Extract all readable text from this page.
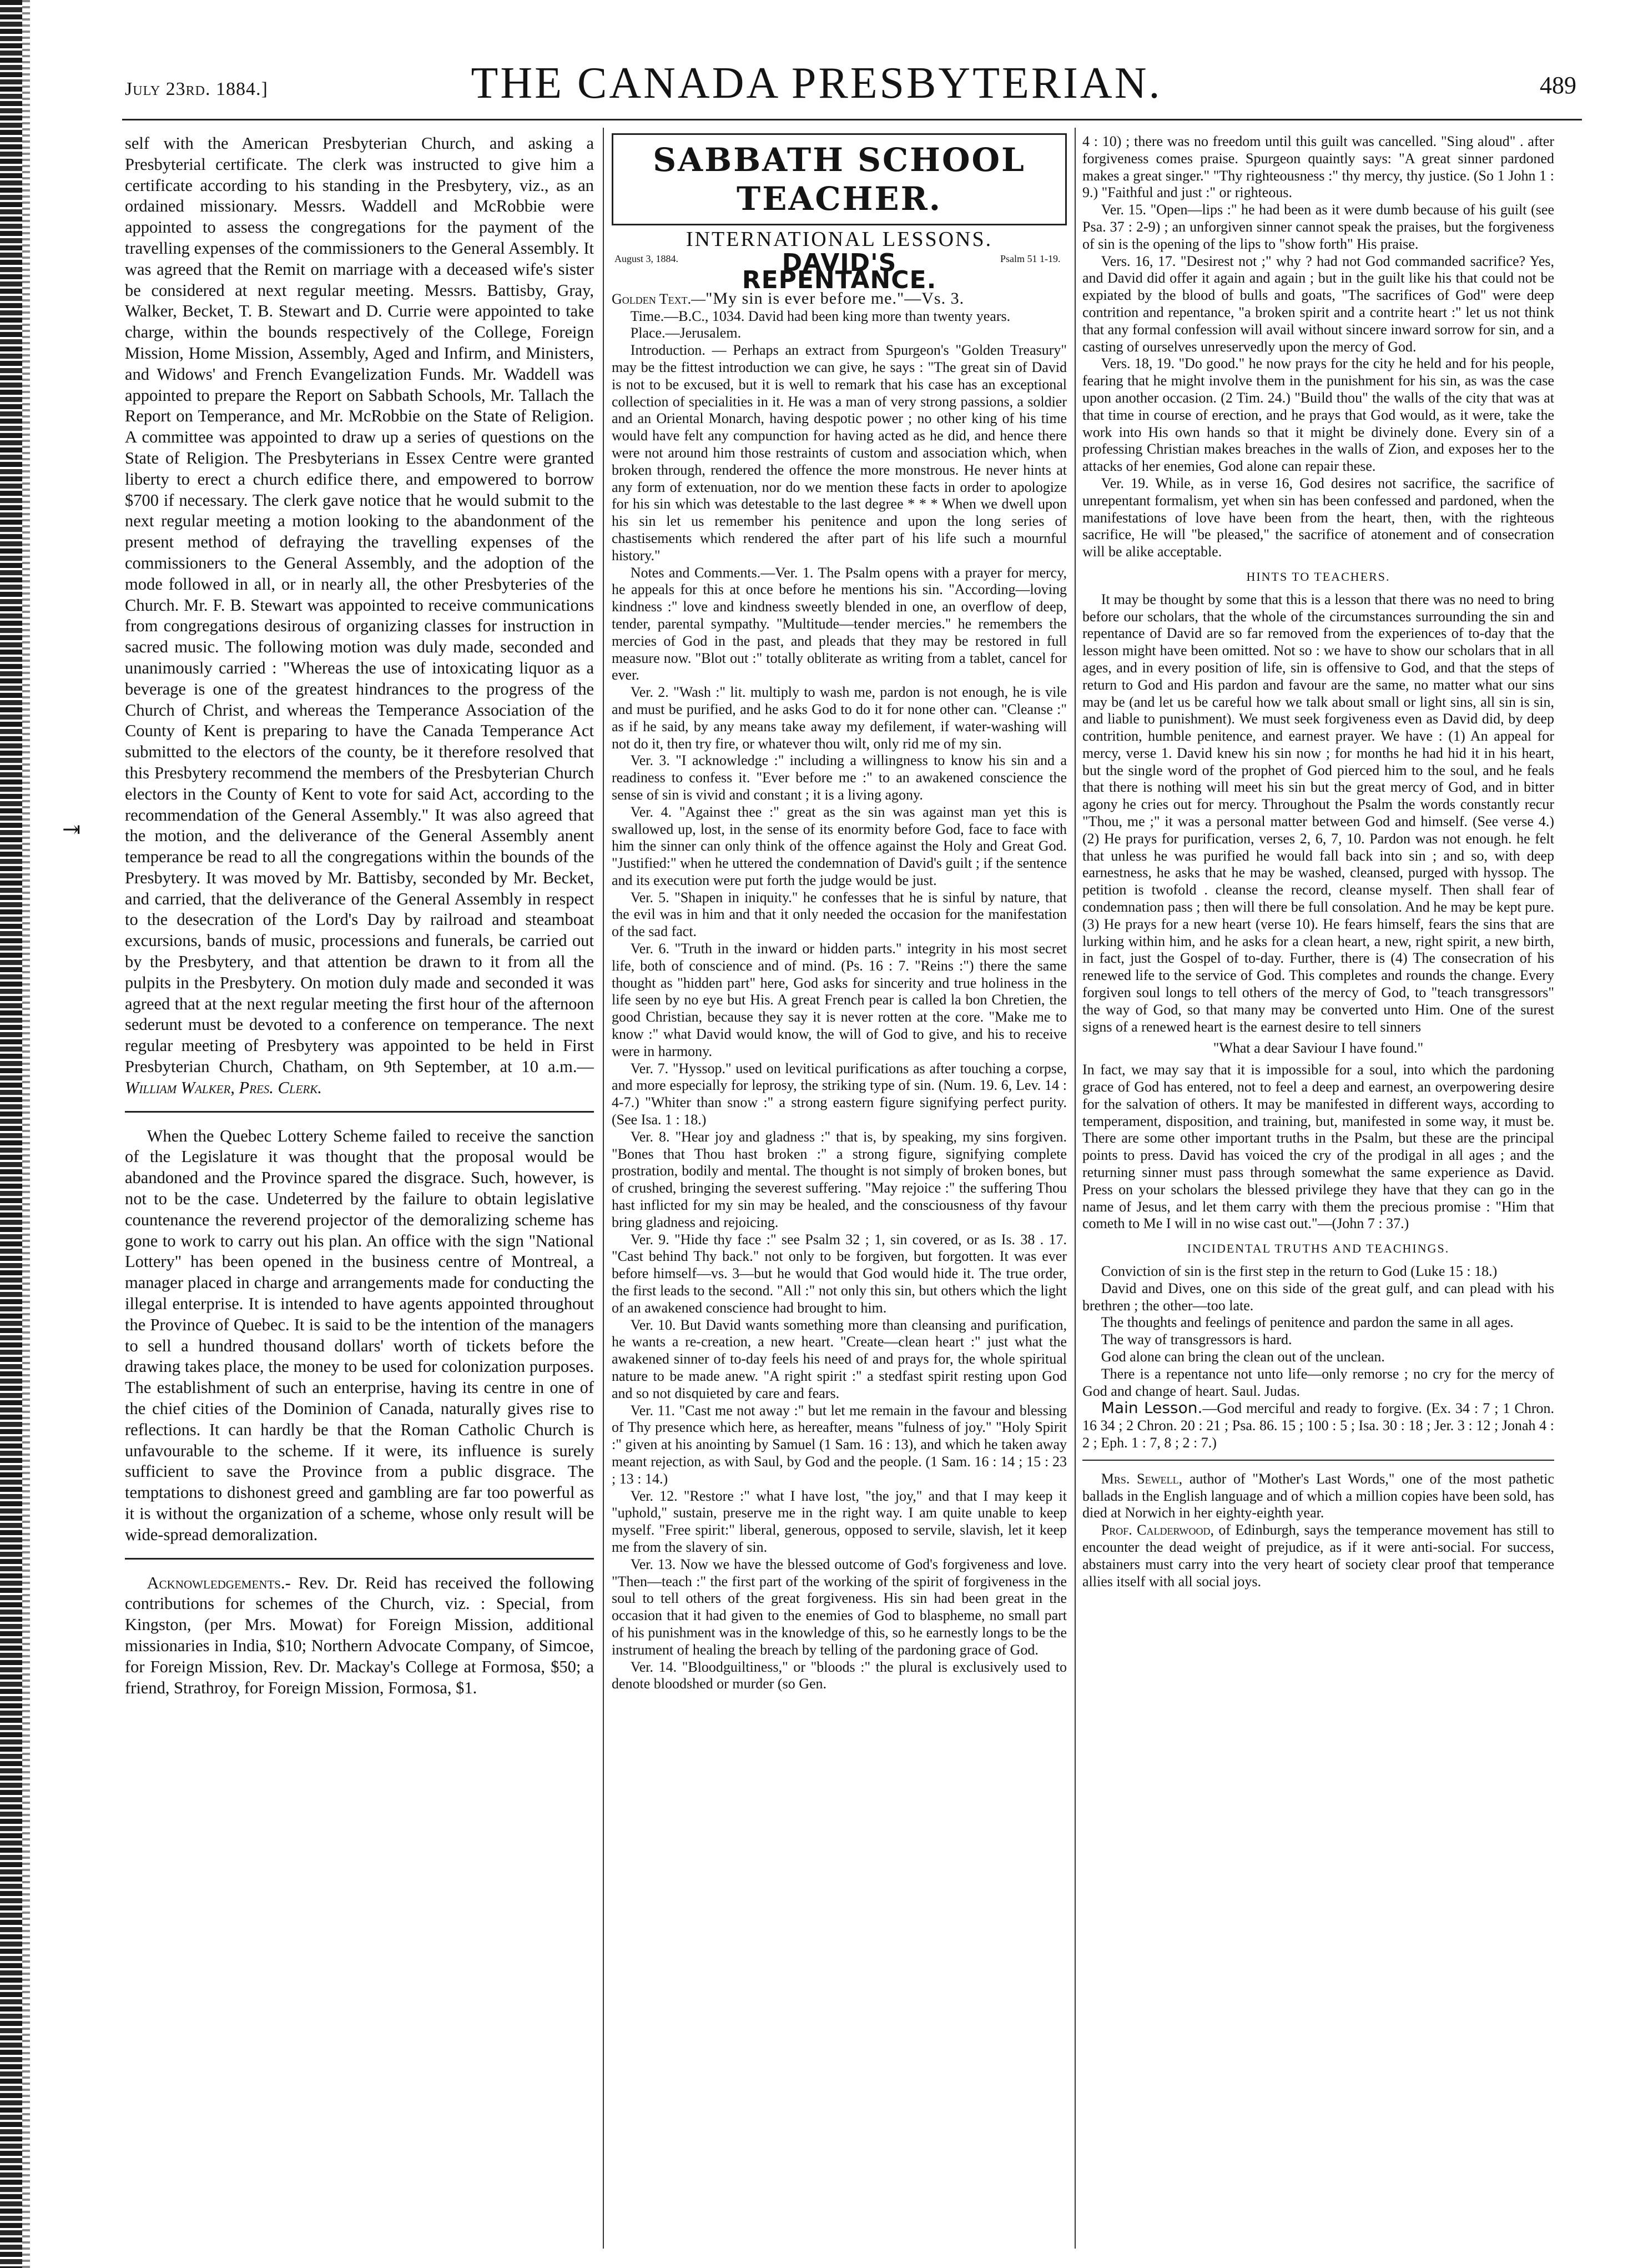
⇥
July 23rd. 1884.]	THE CANADA PRESBYTERIAN.	489

self with the American Presbyterian Church, and asking a Presbyterial certificate. The clerk was instructed to give him a certificate according to his standing in the Presbytery, viz., as an ordained missionary. Messrs. Waddell and McRobbie were appointed to assess the congregations for the payment of the travelling expenses of the commissioners to the General Assembly. It was agreed that the Remit on marriage with a deceased wife's sister be considered at next regular meeting. Messrs. Battisby, Gray, Walker, Becket, T. B. Stewart and D. Currie were appointed to take charge, within the bounds respectively of the College, Foreign Mission, Home Mission, Assembly, Aged and Infirm, and Ministers, and Widows' and French Evangelization Funds. Mr. Waddell was appointed to prepare the Report on Sabbath Schools, Mr. Tallach the Report on Temperance, and Mr. McRobbie on the State of Religion. A committee was appointed to draw up a series of questions on the State of Religion. The Presbyterians in Essex Centre were granted liberty to erect a church edifice there, and empowered to borrow $700 if necessary. The clerk gave notice that he would submit to the next regular meeting a motion looking to the abandonment of the present method of defraying the travelling expenses of the commissioners to the General Assembly, and the adoption of the mode followed in all, or in nearly all, the other Presbyteries of the Church. Mr. F. B. Stewart was appointed to receive communications from congregations desirous of organizing classes for instruction in sacred music. The following motion was duly made, seconded and unanimously carried : "Whereas the use of intoxicating liquor as a beverage is one of the greatest hindrances to the progress of the Church of Christ, and whereas the Temperance Association of the County of Kent is preparing to have the Canada Temperance Act submitted to the electors of the county, be it therefore resolved that this Presbytery recommend the members of the Presbyterian Church electors in the County of Kent to vote for said Act, according to the recommendation of the General Assembly." It was also agreed that the motion, and the deliverance of the General Assembly anent temperance be read to all the congregations within the bounds of the Presbytery. It was moved by Mr. Battisby, seconded by Mr. Becket, and carried, that the deliverance of the General Assembly in respect to the desecration of the Lord's Day by railroad and steamboat excursions, bands of music, processions and funerals, be carried out by the Presbytery, and that attention be drawn to it from all the pulpits in the Presbytery. On motion duly made and seconded it was agreed that at the next regular meeting the first hour of the afternoon sederunt must be devoted to a conference on temperance. The next regular meeting of Presbytery was appointed to be held in First Presbyterian Church, Chatham, on 9th September, at 10 a.m.—William Walker, Pres. Clerk.

When the Quebec Lottery Scheme failed to receive the sanction of the Legislature it was thought that the proposal would be abandoned and the Province spared the disgrace. Such, however, is not to be the case. Undeterred by the failure to obtain legislative countenance the reverend projector of the demoralizing scheme has gone to work to carry out his plan. An office with the sign "National Lottery" has been opened in the business centre of Montreal, a manager placed in charge and arrangements made for conducting the illegal enterprise. It is intended to have agents appointed throughout the Province of Quebec. It is said to be the intention of the managers to sell a hundred thousand dollars' worth of tickets before the drawing takes place, the money to be used for colonization purposes. The establishment of such an enterprise, having its centre in one of the chief cities of the Dominion of Canada, naturally gives rise to reflections. It can hardly be that the Roman Catholic Church is unfavourable to the scheme. If it were, its influence is surely sufficient to save the Province from a public disgrace. The temptations to dishonest greed and gambling are far too powerful as it is without the organization of a scheme, whose only result will be wide-spread demoralization.

Acknowledgements.- Rev. Dr. Reid has received the following contributions for schemes of the Church, viz. : Special, from Kingston, (per Mrs. Mowat) for Foreign Mission, additional missionaries in India, $10; Northern Advocate Company, of Simcoe, for Foreign Mission, Rev. Dr. Mackay's College at Formosa, $50; a friend, Strathroy, for Foreign Mission, Formosa, $1.

SABBATH SCHOOL TEACHER.
INTERNATIONAL LESSONS.
August 3, 1884.	DAVID'S REPENTANCE.
Psalm 51 1-19.

Golden Text.—"My sin is ever before me."—Vs. 3.

Time.—B.C., 1034. David had been king more than twenty years.

Place.—Jerusalem.

Introduction. — Perhaps an extract from Spurgeon's "Golden Treasury" may be the fittest introduction we can give, he says : "The great sin of David is not to be excused, but it is well to remark that his case has an exceptional collection of specialities in it. He was a man of very strong passions, a soldier and an Oriental Monarch, having despotic power ; no other king of his time would have felt any compunction for having acted as he did, and hence there were not around him those restraints of custom and association which, when broken through, rendered the offence the more monstrous. He never hints at any form of extenuation, nor do we mention these facts in order to apologize for his sin which was detestable to the last degree * * * When we dwell upon his sin let us remember his penitence and upon the long series of chastisements which rendered the after part of his life such a mournful history."

Notes and Comments.—Ver. 1. The Psalm opens with a prayer for mercy, he appeals for this at once before he mentions his sin. "According—loving kindness :" love and kindness sweetly blended in one, an overflow of deep, tender, parental sympathy. "Multitude—tender mercies." he remembers the mercies of God in the past, and pleads that they may be restored in full measure now. "Blot out :" totally obliterate as writing from a tablet, cancel for ever.

Ver. 2. "Wash :" lit. multiply to wash me, pardon is not enough, he is vile and must be purified, and he asks God to do it for none other can. "Cleanse :" as if he said, by any means take away my defilement, if water-washing will not do it, then try fire, or whatever thou wilt, only rid me of my sin.

Ver. 3. "I acknowledge :" including a willingness to know his sin and a readiness to confess it. "Ever before me :" to an awakened conscience the sense of sin is vivid and constant ; it is a living agony.

Ver. 4. "Against thee :" great as the sin was against man yet this is swallowed up, lost, in the sense of its enormity before God, face to face with him the sinner can only think of the offence against the Holy and Great God. "Justified:" when he uttered the condemnation of David's guilt ; if the sentence and its execution were put forth the judge would be just.

Ver. 5. "Shapen in iniquity." he confesses that he is sinful by nature, that the evil was in him and that it only needed the occasion for the manifestation of the sad fact.

Ver. 6. "Truth in the inward or hidden parts." integrity in his most secret life, both of conscience and of mind. (Ps. 16 : 7. "Reins :") there the same thought as "hidden part" here, God asks for sincerity and true holiness in the life seen by no eye but His. A great French pear is called la bon Chretien, the good Christian, because they say it is never rotten at the core. "Make me to know :" what David would know, the will of God to give, and his to receive were in harmony.

Ver. 7. "Hyssop." used on levitical purifications as after touching a corpse, and more especially for leprosy, the striking type of sin. (Num. 19. 6, Lev. 14 : 4-7.) "Whiter than snow :" a strong eastern figure signifying perfect purity. (See Isa. 1 : 18.)

Ver. 8. "Hear joy and gladness :" that is, by speaking, my sins forgiven. "Bones that Thou hast broken :" a strong figure, signifying complete prostration, bodily and mental. The thought is not simply of broken bones, but of crushed, bringing the severest suffering. "May rejoice :" the suffering Thou hast inflicted for my sin may be healed, and the consciousness of thy favour bring gladness and rejoicing.

Ver. 9. "Hide thy face :" see Psalm 32 ; 1, sin covered, or as Is. 38 . 17. "Cast behind Thy back." not only to be forgiven, but forgotten. It was ever before himself—vs. 3—but he would that God would hide it. The true order, the first leads to the second. "All :" not only this sin, but others which the light of an awakened conscience had brought to him.

Ver. 10. But David wants something more than cleansing and purification, he wants a re-creation, a new heart. "Create—clean heart :" just what the awakened sinner of to-day feels his need of and prays for, the whole spiritual nature to be made anew. "A right spirit :" a stedfast spirit resting upon God and so not disquieted by care and fears.

Ver. 11. "Cast me not away :" but let me remain in the favour and blessing of Thy presence which here, as hereafter, means "fulness of joy." "Holy Spirit :" given at his anointing by Samuel (1 Sam. 16 : 13), and which he taken away meant rejection, as with Saul, by God and the people. (1 Sam. 16 : 14 ; 15 : 23 ; 13 : 14.)

Ver. 12. "Restore :" what I have lost, "the joy," and that I may keep it "uphold," sustain, preserve me in the right way. I am quite unable to keep myself. "Free spirit:" liberal, generous, opposed to servile, slavish, let it keep me from the slavery of sin.

Ver. 13. Now we have the blessed outcome of God's forgiveness and love. "Then—teach :" the first part of the working of the spirit of forgiveness in the soul to tell others of the great forgiveness. His sin had been great in the occasion that it had given to the enemies of God to blaspheme, no small part of his punishment was in the knowledge of this, so he earnestly longs to be the instrument of healing the breach by telling of the pardoning grace of God.

Ver. 14. "Bloodguiltiness," or "bloods :" the plural is exclusively used to denote bloodshed or murder (so Gen.

4 : 10) ; there was no freedom until this guilt was cancelled. "Sing aloud" . after forgiveness comes praise. Spurgeon quaintly says: "A great sinner pardoned makes a great singer." "Thy righteousness :" thy mercy, thy justice. (So 1 John 1 : 9.) "Faithful and just :" or righteous.

Ver. 15. "Open—lips :" he had been as it were dumb because of his guilt (see Psa. 37 : 2-9) ; an unforgiven sinner cannot speak the praises, but the forgiveness of sin is the opening of the lips to "show forth" His praise.

Vers. 16, 17. "Desirest not ;" why ? had not God commanded sacrifice? Yes, and David did offer it again and again ; but in the guilt like his that could not be expiated by the blood of bulls and goats, "The sacrifices of God" were deep contrition and repentance, "a broken spirit and a contrite heart :" let us not think that any formal confession will avail without sincere inward sorrow for sin, and a casting of ourselves unreservedly upon the mercy of God.

Vers. 18, 19. "Do good." he now prays for the city he held and for his people, fearing that he might involve them in the punishment for his sin, as was the case upon another occasion. (2 Tim. 24.) "Build thou" the walls of the city that was at that time in course of erection, and he prays that God would, as it were, take the work into His own hands so that it might be divinely done. Every sin of a professing Christian makes breaches in the walls of Zion, and exposes her to the attacks of her enemies, God alone can repair these.

Ver. 19. While, as in verse 16, God desires not sacrifice, the sacrifice of unrepentant formalism, yet when sin has been confessed and pardoned, when the manifestations of love have been from the heart, then, with the righteous sacrifice, He will "be pleased," the sacrifice of atonement and of consecration will be alike acceptable.

HINTS TO TEACHERS.

It may be thought by some that this is a lesson that there was no need to bring before our scholars, that the whole of the circumstances surrounding the sin and repentance of David are so far removed from the experiences of to-day that the lesson might have been omitted. Not so : we have to show our scholars that in all ages, and in every position of life, sin is offensive to God, and that the steps of return to God and His pardon and favour are the same, no matter what our sins may be (and let us be careful how we talk about small or light sins, all sin is sin, and liable to punishment). We must seek forgiveness even as David did, by deep contrition, humble penitence, and earnest prayer. We have : (1) An appeal for mercy, verse 1. David knew his sin now ; for months he had hid it in his heart, but the single word of the prophet of God pierced him to the soul, and he feals that there is nothing will meet his sin but the great mercy of God, and in bitter agony he cries out for mercy. Throughout the Psalm the words constantly recur "Thou, me ;" it was a personal matter between God and himself. (See verse 4.) (2) He prays for purification, verses 2, 6, 7, 10. Pardon was not enough. he felt that unless he was purified he would fall back into sin ; and so, with deep earnestness, he asks that he may be washed, cleansed, purged with hyssop. The petition is twofold . cleanse the record, cleanse myself. Then shall fear of condemnation pass ; then will there be full consolation. And he may be kept pure. (3) He prays for a new heart (verse 10). He fears himself, fears the sins that are lurking within him, and he asks for a clean heart, a new, right spirit, a new birth, in fact, just the Gospel of to-day. Further, there is (4) The consecration of his renewed life to the service of God. This completes and rounds the change. Every forgiven soul longs to tell others of the mercy of God, to "teach transgressors" the way of God, so that many may be converted unto Him. One of the surest signs of a renewed heart is the earnest desire to tell sinners

"What a dear Saviour I have found."

In fact, we may say that it is impossible for a soul, into which the pardoning grace of God has entered, not to feel a deep and earnest, an overpowering desire for the salvation of others. It may be manifested in different ways, according to temperament, disposition, and training, but, manifested in some way, it must be. There are some other important truths in the Psalm, but these are the principal points to press. David has voiced the cry of the prodigal in all ages ; and the returning sinner must pass through somewhat the same experience as David. Press on your scholars the blessed privilege they have that they can go in the name of Jesus, and let them carry with them the precious promise : "Him that cometh to Me I will in no wise cast out."—(John 7 : 37.)

INCIDENTAL TRUTHS AND TEACHINGS.

Conviction of sin is the first step in the return to God (Luke 15 : 18.)

David and Dives, one on this side of the great gulf, and can plead with his brethren ; the other—too late.

The thoughts and feelings of penitence and pardon the same in all ages.

The way of transgressors is hard.

God alone can bring the clean out of the unclean.

There is a repentance not unto life—only remorse ; no cry for the mercy of God and change of heart. Saul. Judas.

Main Lesson.—God merciful and ready to forgive. (Ex. 34 : 7 ; 1 Chron. 16 34 ; 2 Chron. 20 : 21 ; Psa. 86. 15 ; 100 : 5 ; Isa. 30 : 18 ; Jer. 3 : 12 ; Jonah 4 : 2 ; Eph. 1 : 7, 8 ; 2 : 7.)

Mrs. Sewell, author of "Mother's Last Words," one of the most pathetic ballads in the English language and of which a million copies have been sold, has died at Norwich in her eighty-eighth year.

Prof. Calderwood, of Edinburgh, says the temperance movement has still to encounter the dead weight of prejudice, as if it were anti-social. For success, abstainers must carry into the very heart of society clear proof that temperance allies itself with all social joys.
